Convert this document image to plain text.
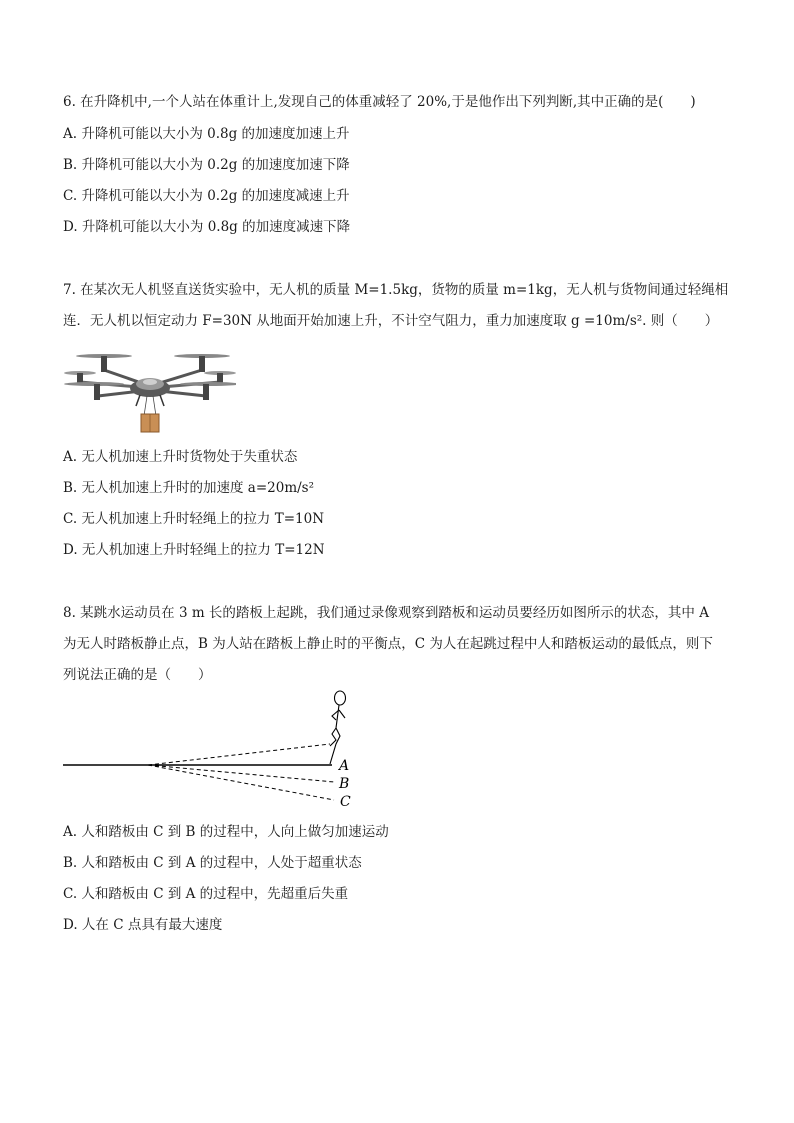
6. 在升降机中,一个人站在体重计上,发现自己的体重减轻了 20%,于是他作出下列判断,其中正确的是(　　)
A. 升降机可能以大小为 0.8g 的加速度加速上升
B. 升降机可能以大小为 0.2g 的加速度加速下降
C. 升降机可能以大小为 0.2g 的加速度减速上升
D. 升降机可能以大小为 0.8g 的加速度减速下降
7. 在某次无人机竖直送货实验中，无人机的质量 M=1.5kg，货物的质量 m=1kg，无人机与货物间通过轻绳相
连．无人机以恒定动力 F=30N 从地面开始加速上升，不计空气阻力，重力加速度取 g =10m/s². 则（　　）
A. 无人机加速上升时货物处于失重状态
B. 无人机加速上升时的加速度 a=20m/s²
C. 无人机加速上升时轻绳上的拉力 T=10N
D. 无人机加速上升时轻绳上的拉力 T=12N
8. 某跳水运动员在 3 m 长的踏板上起跳，我们通过录像观察到踏板和运动员要经历如图所示的状态，其中 A
为无人时踏板静止点，B 为人站在踏板上静止时的平衡点，C 为人在起跳过程中人和踏板运动的最低点，则下
列说法正确的是（　　）
A
B
C
A. 人和踏板由 C 到 B 的过程中，人向上做匀加速运动
B. 人和踏板由 C 到 A 的过程中，人处于超重状态
C. 人和踏板由 C 到 A 的过程中，先超重后失重
D. 人在 C 点具有最大速度
